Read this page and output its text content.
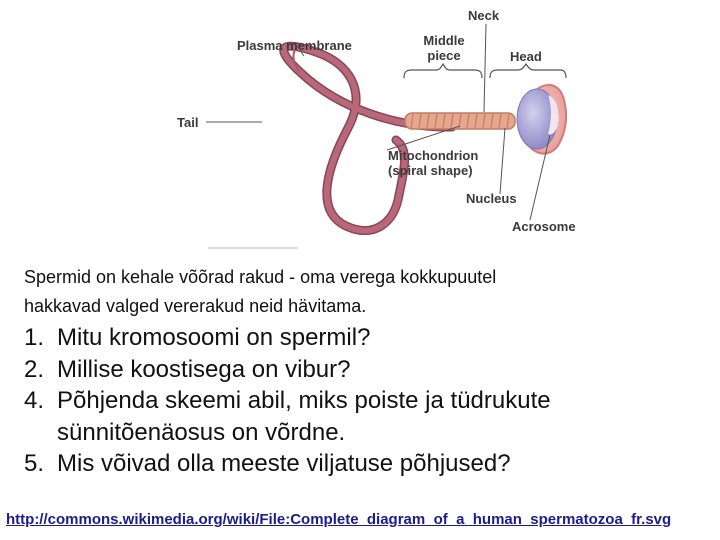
Neck
Plasma membrane	Middle
piece	Head
Tail
Mitochondrion
(spiral shape)
Nucleus
Acrosome
Spermid on kehale võõrad rakud - oma verega kokkupuutel
hakkavad valged vererakud neid hävitama.
1. Mitu kromosoomi on spermil?
2. Millise koostisega on vibur?
4. Põhjenda skeemi abil, miks poiste ja tüdrukute
sünnitõenäosus on võrdne.
5. Mis võivad olla meeste viljatuse põhjused?
http://commons.wikimedia.org/wiki/File:Complete_diagram_of_a_human_spermatozoa_fr.svg
